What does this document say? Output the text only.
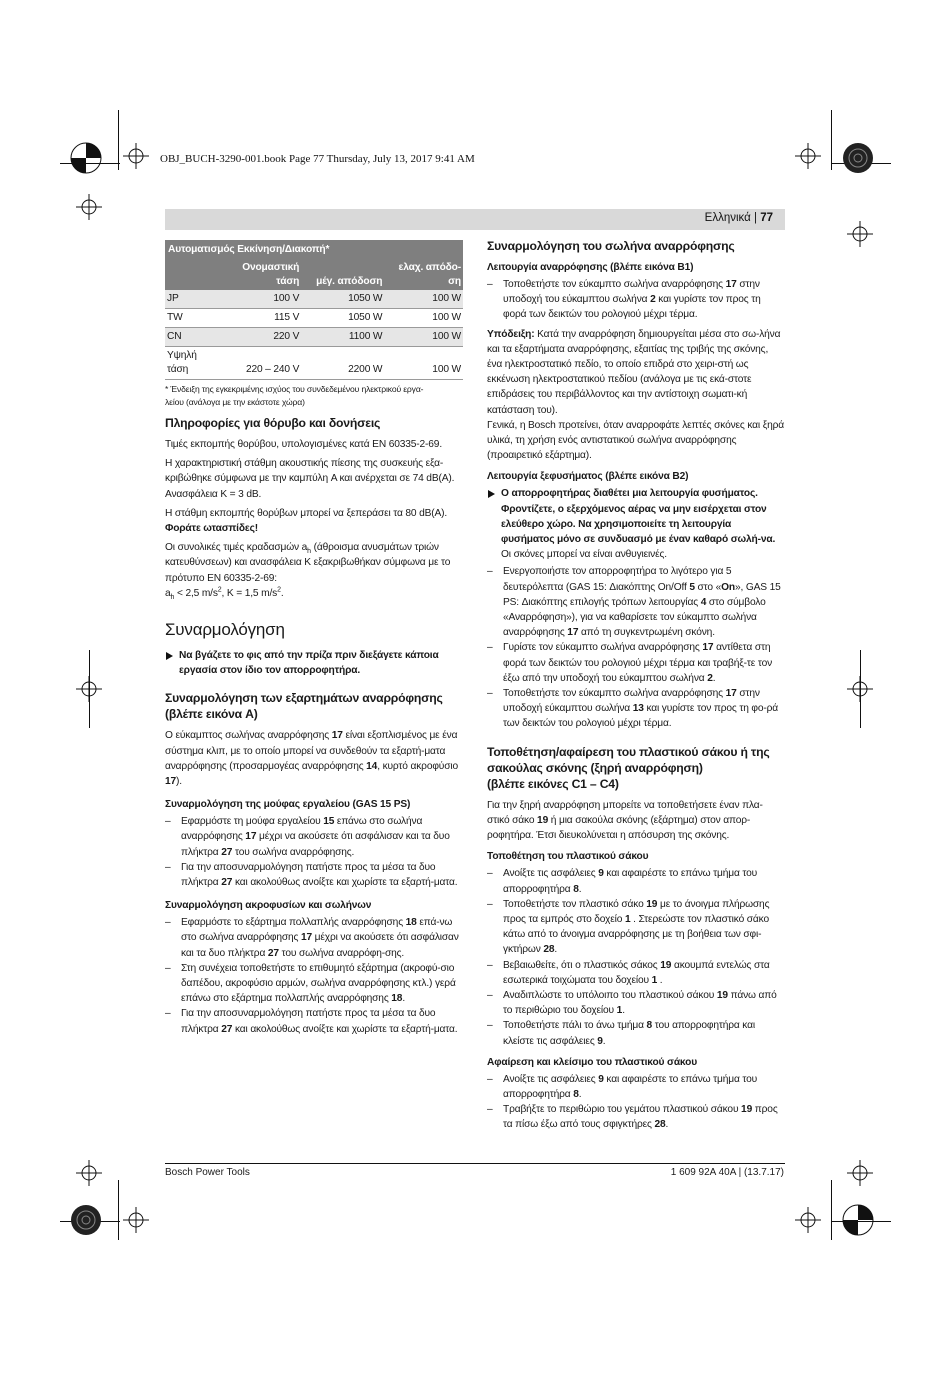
OBJ_BUCH-3290-001.book Page 77 Thursday, July 13, 2017 9:41 AM
Ελληνικά | 77
Αυτοματισμός Εκκίνηση/Διακοπή*			
	Ονομαστική
τάση	μέγ. απόδοση	ελαχ. απόδο-
ση
JP	100 V	1050 W	100 W
TW	115 V	1050 W	100 W
CN	220 V	1100 W	100 W
Υψηλή
τάση	220 – 240 V	2200 W	100 W
* Ένδειξη της εγκεκριμένης ισχύος του συνδεδεμένου ηλεκτρικού εργα-
λείου (ανάλογα με την εκάστοτε χώρα)
Πληροφορίες για θόρυβο και δονήσεις

Τιμές εκπομπής θορύβου, υπολογισμένες κατά EN 60335-2-69.

Η χαρακτηριστική στάθμη ακουστικής πίεσης της συσκευής εξα-κριβώθηκε σύμφωνα με την καμπύλη A και ανέρχεται σε 74 dB(A). Ανασφάλεια K = 3 dB.

Η στάθμη εκπομπής θορύβων μπορεί να ξεπεράσει τα 80 dB(A).

Φοράτε ωτασπίδες!

Οι συνολικές τιμές κραδασμών $a_h$ (άθροισμα ανυσμάτων τριών κατευθύνσεων) και ανασφάλεια K εξακριβωθήκαν σύμφωνα με το πρότυπο EN 60335-2-69:
$a_h < 2,5$ $m/s^2$, K = 1,5 $m/s^2$.

Συναρμολόγηση
Να βγάζετε το φις από την πρίζα πριν διεξάγετε κάποια εργασία στον ίδιο τον απορροφητήρα.
Συναρμολόγηση των εξαρτημάτων αναρρόφησης
(βλέπε εικόνα A)

Ο εύκαμπτος σωλήνας αναρρόφησης 17 είναι εξοπλισμένος με ένα σύστημα κλιπ, με το οποίο μπορεί να συνδεθούν τα εξαρτή-ματα αναρρόφησης (προσαρμογέας αναρρόφησης 14, κυρτό ακροφύσιο 17).

Συναρμολόγηση της μούφας εργαλείου (GAS 15 PS)
– Εφαρμόστε τη μούφα εργαλείου 15 επάνω στο σωλήνα αναρρόφησης 17 μέχρι να ακούσετε ότι ασφάλισαν και τα δυο πλήκτρα 27 του σωλήνα αναρρόφησης.
– Για την αποσυναρμολόγηση πατήστε προς τα μέσα τα δυο πλήκτρα 27 και ακολούθως ανοίξτε και χωρίστε τα εξαρτή-ματα.
Συναρμολόγηση ακροφυσίων και σωλήνων
– Εφαρμόστε το εξάρτημα πολλαπλής αναρρόφησης 18 επά-νω στο σωλήνα αναρρόφησης 17 μέχρι να ακούσετε ότι ασφάλισαν και τα δυο πλήκτρα 27 του σωλήνα αναρρόφη-σης.
– Στη συνέχεια τοποθετήστε το επιθυμητό εξάρτημα (ακροφύ-σιο δαπέδου, ακροφύσιο αρμών, σωλήνα αναρρόφησης κτλ.) γερά επάνω στο εξάρτημα πολλαπλής αναρρόφησης 18.
– Για την αποσυναρμολόγηση πατήστε προς τα μέσα τα δυο πλήκτρα 27 και ακολούθως ανοίξτε και χωρίστε τα εξαρτή-ματα.
Συναρμολόγηση του σωλήνα αναρρόφησης
Λειτουργία αναρρόφησης (βλέπε εικόνα B1)
– Τοποθετήστε τον εύκαμπτο σωλήνα αναρρόφησης 17 στην υποδοχή του εύκαμπτου σωλήνα 2 και γυρίστε τον προς τη φορά των δεικτών του ρολογιού μέχρι τέρμα.

Υπόδειξη: Κατά την αναρρόφηση δημιουργείται μέσα στο σω-λήνα και τα εξαρτήματα αναρρόφησης, εξαιτίας της τριβής της σκόνης, ένα ηλεκτροστατικό πεδίο, το οποίο επιδρά στο χειρι-στή ως εκκένωση ηλεκτροστατικού πεδίου (ανάλογα με τις εκά-στοτε επιδράσεις του περιβάλλοντος και την αντίστοιχη σωματι-κή κατάσταση του).
Γενικά, η Bosch προτείνει, όταν αναρροφάτε λεπτές σκόνες και ξηρά υλικά, τη χρήση ενός αντιστατικού σωλήνα αναρρόφησης (προαιρετικό εξάρτημα).

Λειτουργία ξεφυσήματος (βλέπε εικόνα B2)
Ο απορροφητήρας διαθέτει μια λειτουργία φυσήματος. Φροντίζετε, ο εξερχόμενος αέρας να μην εισέρχεται στον ελεύθερο χώρο. Να χρησιμοποιείτε τη λειτουργία φυσήματος μόνο σε συνδυασμό με έναν καθαρό σωλή-να. Οι σκόνες μπορεί να είναι ανθυγιεινές.
– Ενεργοποιήστε τον απορροφητήρα το λιγότερο για 5 δευτερόλεπτα (GAS 15: Διακόπτης On/Off 5 στο «On», GAS 15 PS: Διακόπτης επιλογής τρόπων λειτουργίας 4 στο σύμβολο «Αναρρόφηση»), για να καθαρίσετε τον εύκαμπτο σωλήνα αναρρόφησης 17 από τη συγκεντρωμένη σκόνη.
– Γυρίστε τον εύκαμπτο σωλήνα αναρρόφησης 17 αντίθετα στη φορά των δεικτών του ρολογιού μέχρι τέρμα και τραβήξ-τε τον έξω από την υποδοχή του εύκαμπτου σωλήνα 2.
– Τοποθετήστε τον εύκαμπτο σωλήνα αναρρόφησης 17 στην υποδοχή εύκαμπτου σωλήνα 13 και γυρίστε τον προς τη φο-ρά των δεικτών του ρολογιού μέχρι τέρμα.
Τοποθέτηση/αφαίρεση του πλαστικού σάκου ή της
σακούλας σκόνης (ξηρή αναρρόφηση)
(βλέπε εικόνες C1 – C4)

Για την ξηρή αναρρόφηση μπορείτε να τοποθετήσετε έναν πλα-στικό σάκο 19 ή μια σακούλα σκόνης (εξάρτημα) στον απορ-ροφητήρα. Έτσι διευκολύνεται η απόσυρση της σκόνης.

Τοποθέτηση του πλαστικού σάκου
– Ανοίξτε τις ασφάλειες 9 και αφαιρέστε το επάνω τμήμα του απορροφητήρα 8.
– Τοποθετήστε τον πλαστικό σάκο 19 με το άνοιγμα πλήρωσης προς τα εμπρός στο δοχείο 1 . Στερεώστε τον πλαστικό σάκο κάτω από το άνοιγμα αναρρόφησης με τη βοήθεια των σφι-γκτήρων 28.
– Βεβαιωθείτε, ότι ο πλαστικός σάκος 19 ακουμπά εντελώς στα εσωτερικά τοιχώματα του δοχείου 1 .
– Αναδιπλώστε το υπόλοιπο του πλαστικού σάκου 19 πάνω από το περιθώριο του δοχείου 1.
– Τοποθετήστε πάλι το άνω τμήμα 8 του απορροφητήρα και κλείστε τις ασφάλειες 9.
Αφαίρεση και κλείσιμο του πλαστικού σάκου
– Ανοίξτε τις ασφάλειες 9 και αφαιρέστε το επάνω τμήμα του απορροφητήρα 8.
– Τραβήξτε το περιθώριο του γεμάτου πλαστικού σάκου 19 προς τα πίσω έξω από τους σφιγκτήρες 28.
Bosch Power Tools	1 609 92A 40A | (13.7.17)
